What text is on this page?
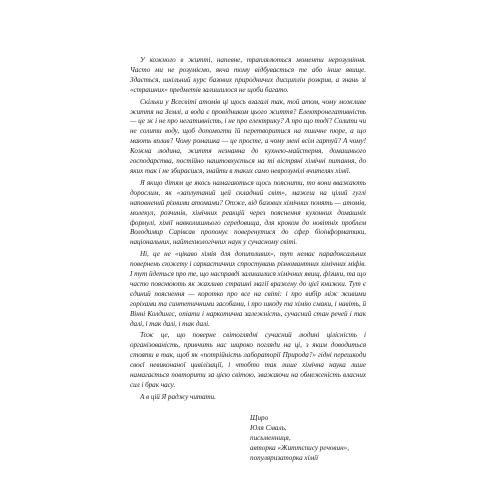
У кожного в житті, напевне, траплялються моменти нерозуміння. Часто ми не розуміємо, якча тому відбувається те або інше явище. Здається, шкільний курс базових природничих дисциплін розкрив, а знань зі «страшних» предметів залишилося не щоби багато.

Скільки у Всесвіті атомів ці щось взагалі так, той атом, чому можливе життя на Землі, а вода є провідником цього життя? Електронегативність — це ж і не про негативність, і не про електрику? А про що тоді? Солити чи не солити воду, щоб допомогти їй перетворитися на пшичне пюре, а що мають вплив? Чому ромашка — це просте, а чому мені всім гартуй? А чому! Кожна людина, життя незнанна до кухнею-майстерня, домашнього господарства, постійно наштовхується на ті вістряні хімічні питання, до яких так і не збираєшся, знайти в таких само неврозумілі вчителях хімії.

Я якщо дітям це якось намагаються щось пояснити, то вони вважають дорослим, як «заплутаний цей складний світ», мажеш на цілий гуглі наповнений різними атомами? Отже, від базових хімічних понять — атомів, молекул, розчинів, хімічних реакцій через пояснення кухонних домашніх формулі, хімії навколишнього середовища, для кроком до новітніх проблем Володимир Сарівсав пропонує поверенутися до сфер біоінформатики, національних, найтехнологічних наук у сучасному світі.

Ні, це не «цікаво хімія для допитливих», тут немає парадоксальних повернень сюжету і саркастичних спростувань різномантних хімічних міфів. І тут йдеться про те, що насправді залишилися хімічних явищ, фізики, та що часто пояснюють як жахливо страшні магії вражену до цієї книжки. Тут є єдиний пояснення — коротко про все на світі: і про вибір між живими горіхами та синтетичними засобами, і про шкоду та хімію смаки, і навіть, й Вінні Колдингс, опіати і наркотична залежність, сучасний стан речей і так далі, і так далі, і так далі.

Тож це, що поверне світоглядні сучасний людині цілісність і організованість, привчить нас широко погляди на ці, з яким доводиться стояти в так, щоб як «потрійність лабораторії Природа?» гідні перешкоди своєї невиконаної цивілізації, і чтобто так лише хімічна наука лише намагається повторити за цією світою, зважаючи на обмеженість власних сил і брак часу.

А в цій Я раджу читати.

Щиро
Юля Смаль,
письменниця,
авторка «Життєпису речовин»,
популяризаторка хімії
